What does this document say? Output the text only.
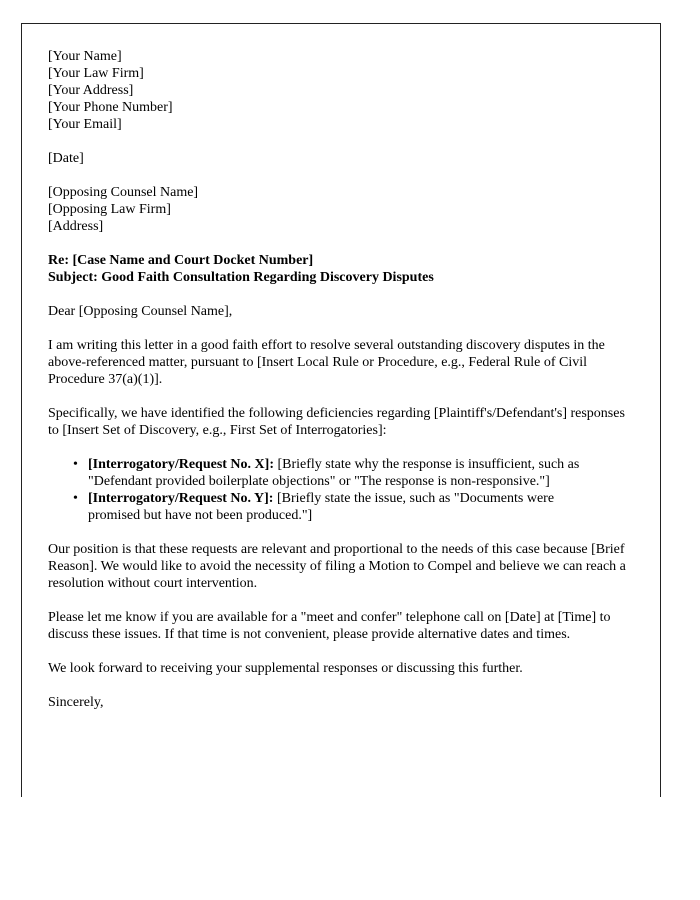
[Your Name]
[Your Law Firm]
[Your Address]
[Your Phone Number]
[Your Email]
[Date]
[Opposing Counsel Name]
[Opposing Law Firm]
[Address]
Re: [Case Name and Court Docket Number]
Subject: Good Faith Consultation Regarding Discovery Disputes
Dear [Opposing Counsel Name],

I am writing this letter in a good faith effort to resolve several outstanding discovery disputes in the above-referenced matter, pursuant to [Insert Local Rule or Procedure, e.g., Federal Rule of Civil Procedure 37(a)(1)].

Specifically, we have identified the following deficiencies regarding [Plaintiff's/Defendant's] responses to [Insert Set of Discovery, e.g., First Set of Interrogatories]:

• [Interrogatory/Request No. X]: [Briefly state why the response is insufficient, such as "Defendant provided boilerplate objections" or "The response is non-responsive."]
• [Interrogatory/Request No. Y]: [Briefly state the issue, such as "Documents were promised but have not been produced."]

Our position is that these requests are relevant and proportional to the needs of this case because [Brief Reason]. We would like to avoid the necessity of filing a Motion to Compel and believe we can reach a resolution without court intervention.

Please let me know if you are available for a "meet and confer" telephone call on [Date] at [Time] to discuss these issues. If that time is not convenient, please provide alternative dates and times.

We look forward to receiving your supplemental responses or discussing this further.

Sincerely,
